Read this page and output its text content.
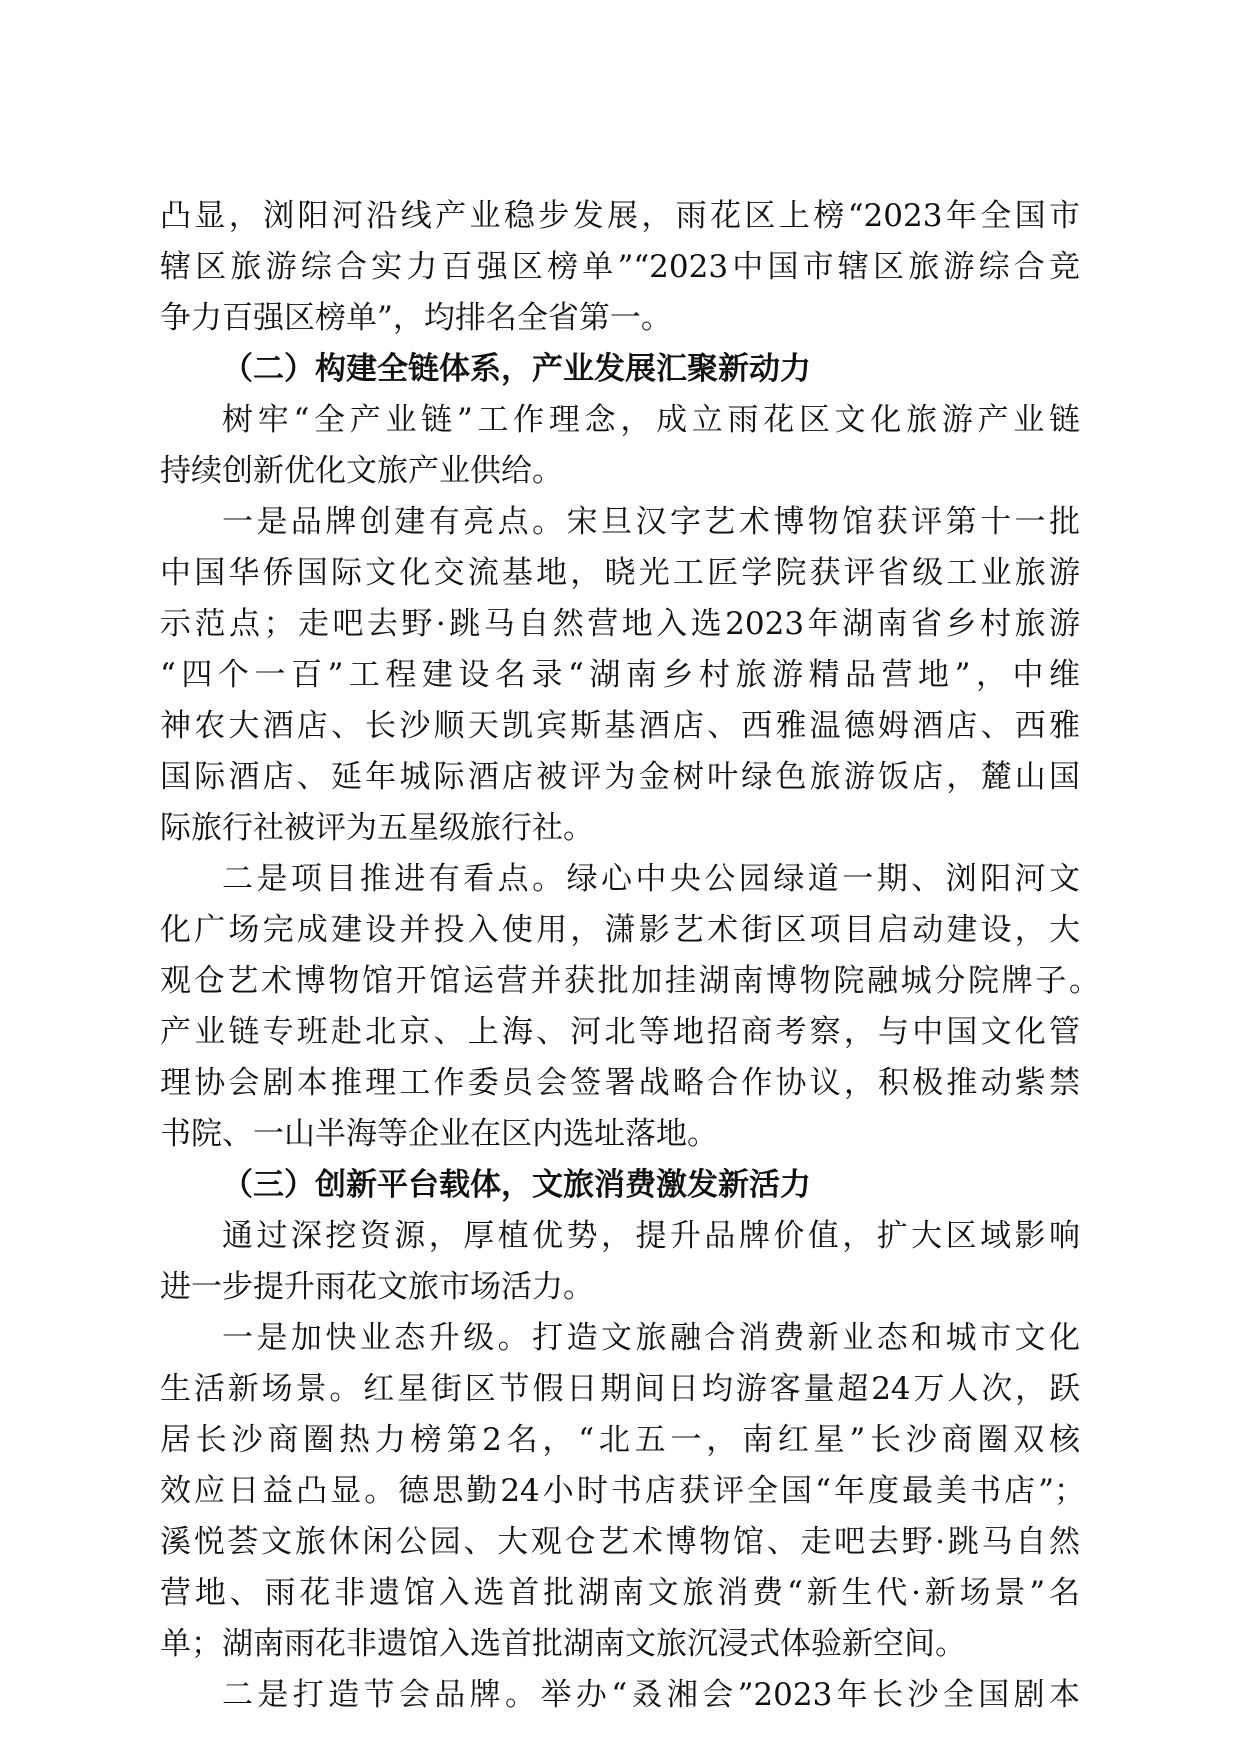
凸显，浏阳河沿线产业稳步发展，雨花区上榜“2023年全国市
辖区旅游综合实力百强区榜单”“2023中国市辖区旅游综合竞
争力百强区榜单”，均排名全省第一。
（二）构建全链体系，产业发展汇聚新动力
树牢“全产业链”工作理念，成立雨花区文化旅游产业链
持续创新优化文旅产业供给。
一是品牌创建有亮点。宋旦汉字艺术博物馆获评第十一批
中国华侨国际文化交流基地，晓光工匠学院获评省级工业旅游
示范点；走吧去野·跳马自然营地入选2023年湖南省乡村旅游
“四个一百”工程建设名录“湖南乡村旅游精品营地”，中维
神农大酒店、长沙顺天凯宾斯基酒店、西雅温德姆酒店、西雅
国际酒店、延年城际酒店被评为金树叶绿色旅游饭店，麓山国
际旅行社被评为五星级旅行社。
二是项目推进有看点。绿心中央公园绿道一期、浏阳河文
化广场完成建设并投入使用，潇影艺术街区项目启动建设，大
观仓艺术博物馆开馆运营并获批加挂湖南博物院融城分院牌子。
产业链专班赴北京、上海、河北等地招商考察，与中国文化管
理协会剧本推理工作委员会签署战略合作协议，积极推动紫禁
书院、一山半海等企业在区内选址落地。
（三）创新平台载体，文旅消费激发新活力
通过深挖资源，厚植优势，提升品牌价值，扩大区域影响
进一步提升雨花文旅市场活力。
一是加快业态升级。打造文旅融合消费新业态和城市文化
生活新场景。红星街区节假日期间日均游客量超24万人次，跃
居长沙商圈热力榜第2名，“北五一，南红星”长沙商圈双核
效应日益凸显。德思勤24小时书店获评全国“年度最美书店”；
溪悦荟文旅休闲公园、大观仓艺术博物馆、走吧去野·跳马自然
营地、雨花非遗馆入选首批湖南文旅消费“新生代·新场景”名
单；湖南雨花非遗馆入选首批湖南文旅沉浸式体验新空间。
二是打造节会品牌。举办“叒湘会”2023年长沙全国剧本
